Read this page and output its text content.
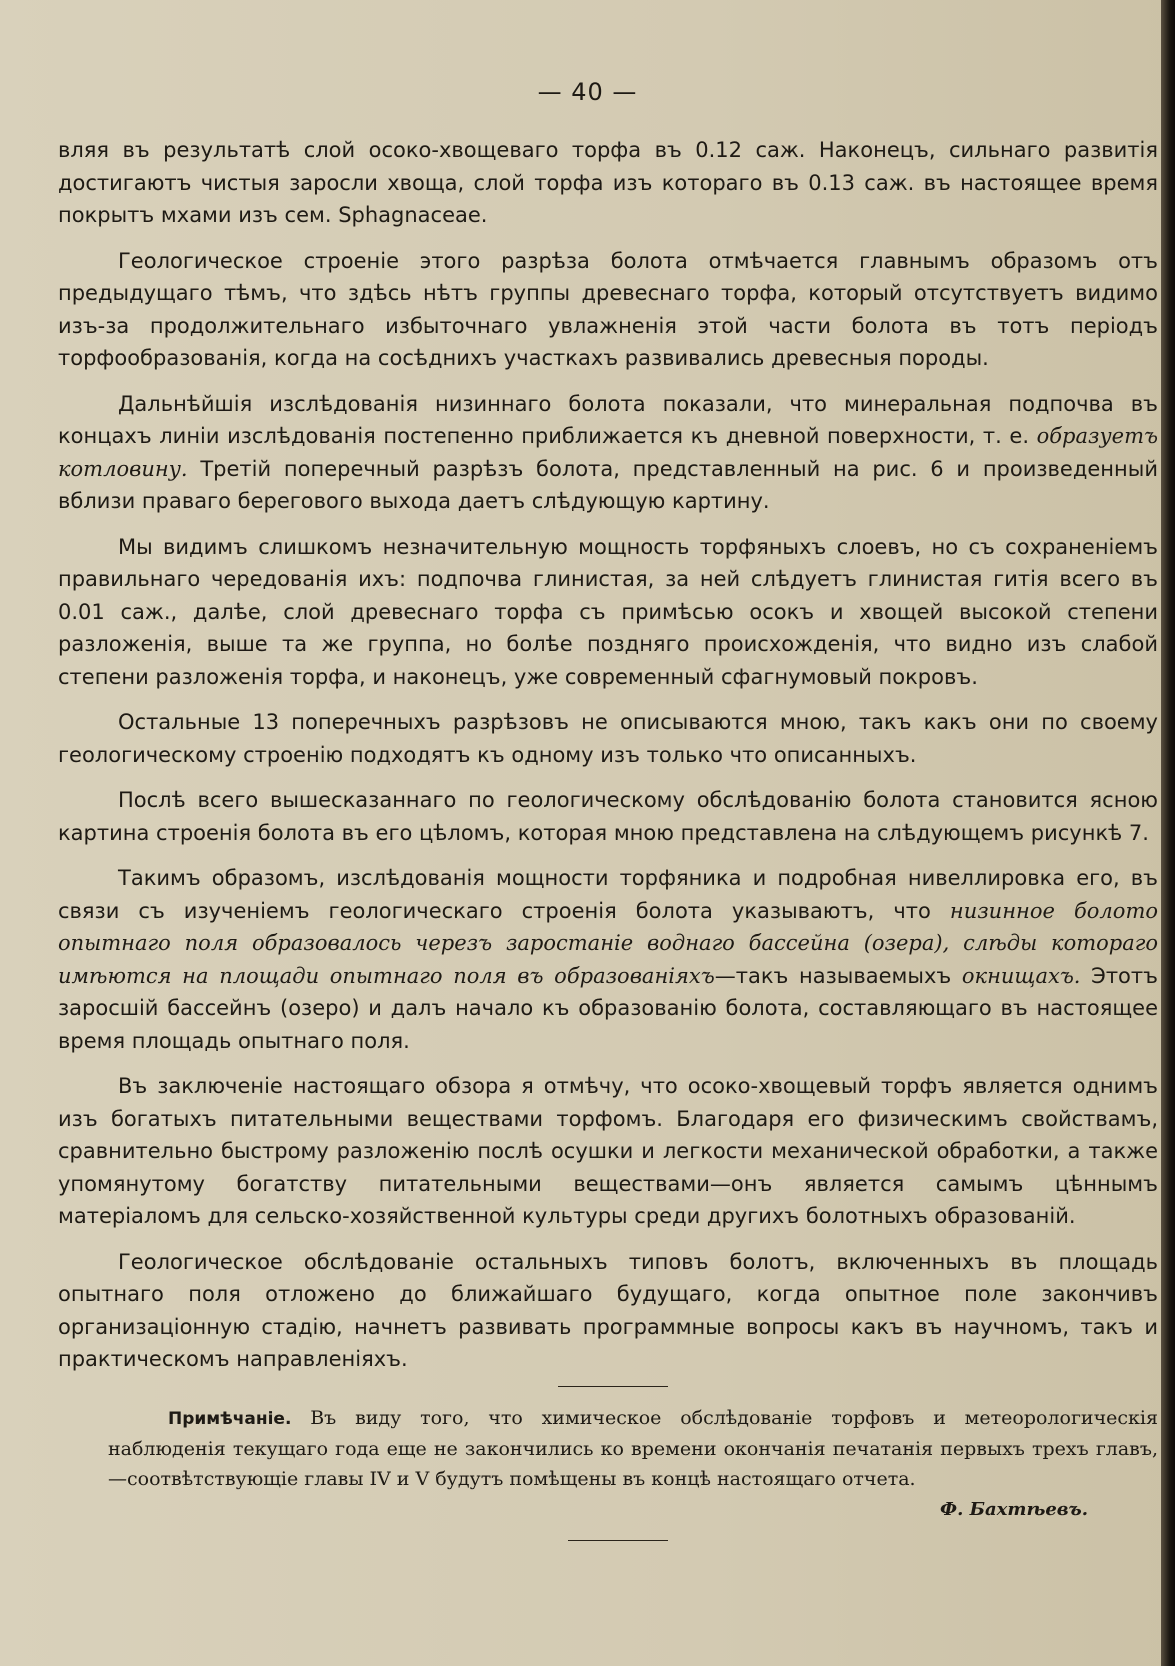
— 40 —

вляя въ результатѣ слой осоко-хвощеваго торфа въ 0.12 саж. Наконецъ, сильнаго развитія достигаютъ чистыя заросли хвоща, слой торфа изъ котораго въ 0.13 саж. въ настоящее время покрытъ мхами изъ сем. Sphagnaceae.

Геологическое строеніе этого разрѣза болота отмѣчается главнымъ образомъ отъ предыдущаго тѣмъ, что здѣсь нѣтъ группы древеснаго торфа, который отсутствуетъ видимо изъ-за продолжительнаго избыточнаго увлажненія этой части болота въ тотъ періодъ торфообразованія, когда на сосѣднихъ участкахъ развивались древесныя породы.

Дальнѣйшія изслѣдованія низиннаго болота показали, что минеральная подпочва въ концахъ линіи изслѣдованія постепенно приближается къ дневной поверхности, т. е. образуетъ котловину. Третій поперечный разрѣзъ болота, представленный на рис. 6 и произведенный вблизи праваго берегового выхода даетъ слѣдующую картину.

Мы видимъ слишкомъ незначительную мощность торфяныхъ слоевъ, но съ сохраненіемъ правильнаго чередованія ихъ: подпочва глинистая, за ней слѣдуетъ глинистая гитія всего въ 0.01 саж., далѣе, слой древеснаго торфа съ примѣсью осокъ и хвощей высокой степени разложенія, выше та же группа, но болѣе поздняго происхожденія, что видно изъ слабой степени разложенія торфа, и наконецъ, уже современный сфагнумовый покровъ.

Остальные 13 поперечныхъ разрѣзовъ не описываются мною, такъ какъ они по своему геологическому строенію подходятъ къ одному изъ только что описанныхъ.

Послѣ всего вышесказаннаго по геологическому обслѣдованію болота становится ясною картина строенія болота въ его цѣломъ, которая мною представлена на слѣдующемъ рисункѣ 7.

Такимъ образомъ, изслѣдованія мощности торфяника и подробная нивеллировка его, въ связи съ изученіемъ геологическаго строенія болота указываютъ, что низинное болото опытнаго поля образовалось черезъ заростаніе воднаго бассейна (озера), слѣды котораго имѣются на площади опытнаго поля въ образованіяхъ—такъ называемыхъ окнищахъ. Этотъ заросшій бассейнъ (озеро) и далъ начало къ образованію болота, составляющаго въ настоящее время площадь опытнаго поля.

Въ заключеніе настоящаго обзора я отмѣчу, что осоко-хвощевый торфъ является однимъ изъ богатыхъ питательными веществами торфомъ. Благодаря его физическимъ свойствамъ, сравнительно быстрому разложенію послѣ осушки и легкости механической обработки, а также упомянутому богатству питательными веществами—онъ является самымъ цѣннымъ матеріаломъ для сельско-хозяйственной культуры среди другихъ болотныхъ образованій.

Геологическое обслѣдованіе остальныхъ типовъ болотъ, включенныхъ въ площадь опытнаго поля отложено до ближайшаго будущаго, когда опытное поле закончивъ организаціонную стадію, начнетъ развивать программные вопросы какъ въ научномъ, такъ и практическомъ направленіяхъ.

Примѣчаніе. Въ виду того, что химическое обслѣдованіе торфовъ и метеорологическія наблюденія текущаго года еще не закончились ко времени окончанія печатанія первыхъ трехъ главъ,—соотвѣтствующіе главы IV и V будутъ помѣщены въ концѣ настоящаго отчета.

Ф. Бахтѣевъ.
